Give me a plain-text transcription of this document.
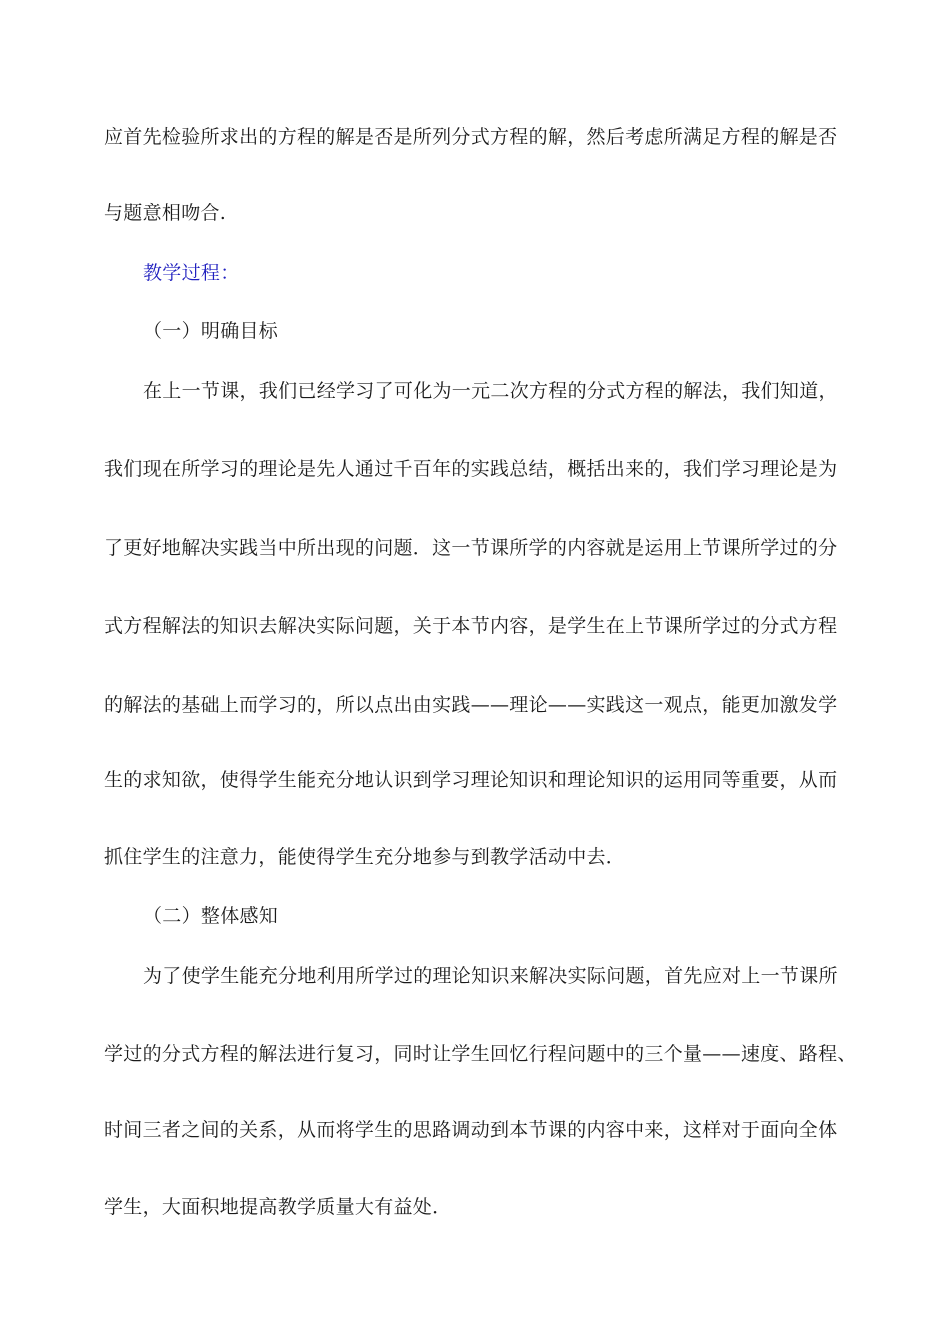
应首先检验所求出的方程的解是否是所列分式方程的解，然后考虑所满足方程的解是否
与题意相吻合.
教学过程：
（一）明确目标
在上一节课，我们已经学习了可化为一元二次方程的分式方程的解法，我们知道，
我们现在所学习的理论是先人通过千百年的实践总结，概括出来的，我们学习理论是为
了更好地解决实践当中所出现的问题．这一节课所学的内容就是运用上节课所学过的分
式方程解法的知识去解决实际问题，关于本节内容，是学生在上节课所学过的分式方程
的解法的基础上而学习的，所以点出由实践——理论——实践这一观点，能更加激发学
生的求知欲，使得学生能充分地认识到学习理论知识和理论知识的运用同等重要，从而
抓住学生的注意力，能使得学生充分地参与到教学活动中去．
（二）整体感知
为了使学生能充分地利用所学过的理论知识来解决实际问题，首先应对上一节课所
学过的分式方程的解法进行复习，同时让学生回忆行程问题中的三个量——速度、路程、
时间三者之间的关系，从而将学生的思路调动到本节课的内容中来，这样对于面向全体
学生，大面积地提高教学质量大有益处．
